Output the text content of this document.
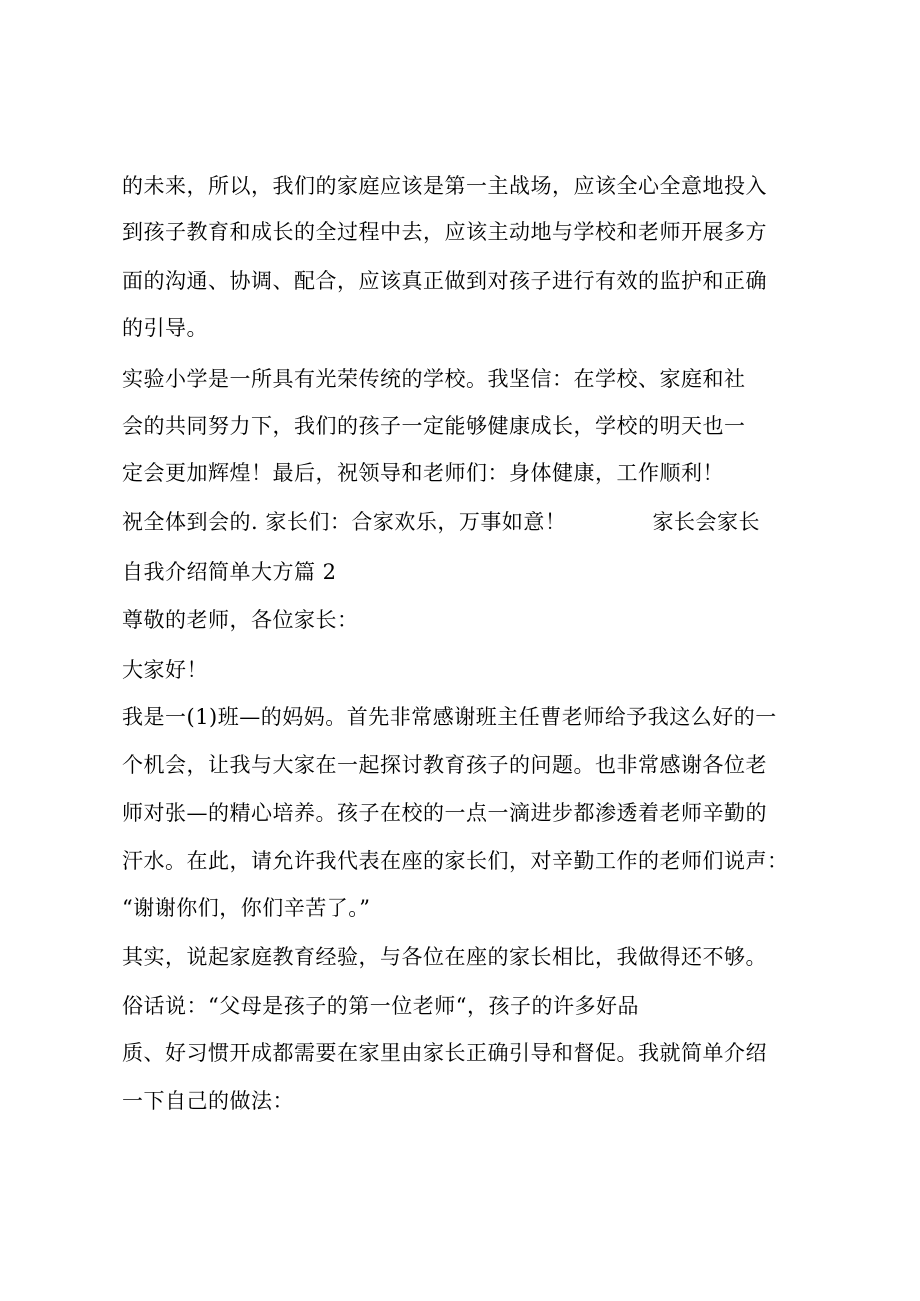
的未来，所以，我们的家庭应该是第一主战场，应该全心全意地投入
到孩子教育和成长的全过程中去，应该主动地与学校和老师开展多方
面的沟通、协调、配合，应该真正做到对孩子进行有效的监护和正确
的引导。
实验小学是一所具有光荣传统的学校。我坚信：在学校、家庭和社
会的共同努力下，我们的孩子一定能够健康成长，学校的明天也一
定会更加辉煌！最后，祝领导和老师们：身体健康，工作顺利！
祝全体到会的. 家长们：合家欢乐，万事如意！            家长会家长
自我介绍简单大方篇 2
尊敬的老师，各位家长：
大家好！
我是一(1)班—的妈妈。首先非常感谢班主任曹老师给予我这么好的一
个机会，让我与大家在一起探讨教育孩子的问题。也非常感谢各位老
师对张—的精心培养。孩子在校的一点一滴进步都渗透着老师辛勤的
汗水。在此，请允许我代表在座的家长们，对辛勤工作的老师们说声：
“谢谢你们，你们辛苦了。”
其实，说起家庭教育经验，与各位在座的家长相比，我做得还不够。
俗话说：“父母是孩子的第一位老师“，孩子的许多好品
质、好习惯开成都需要在家里由家长正确引导和督促。我就简单介绍
一下自己的做法：
